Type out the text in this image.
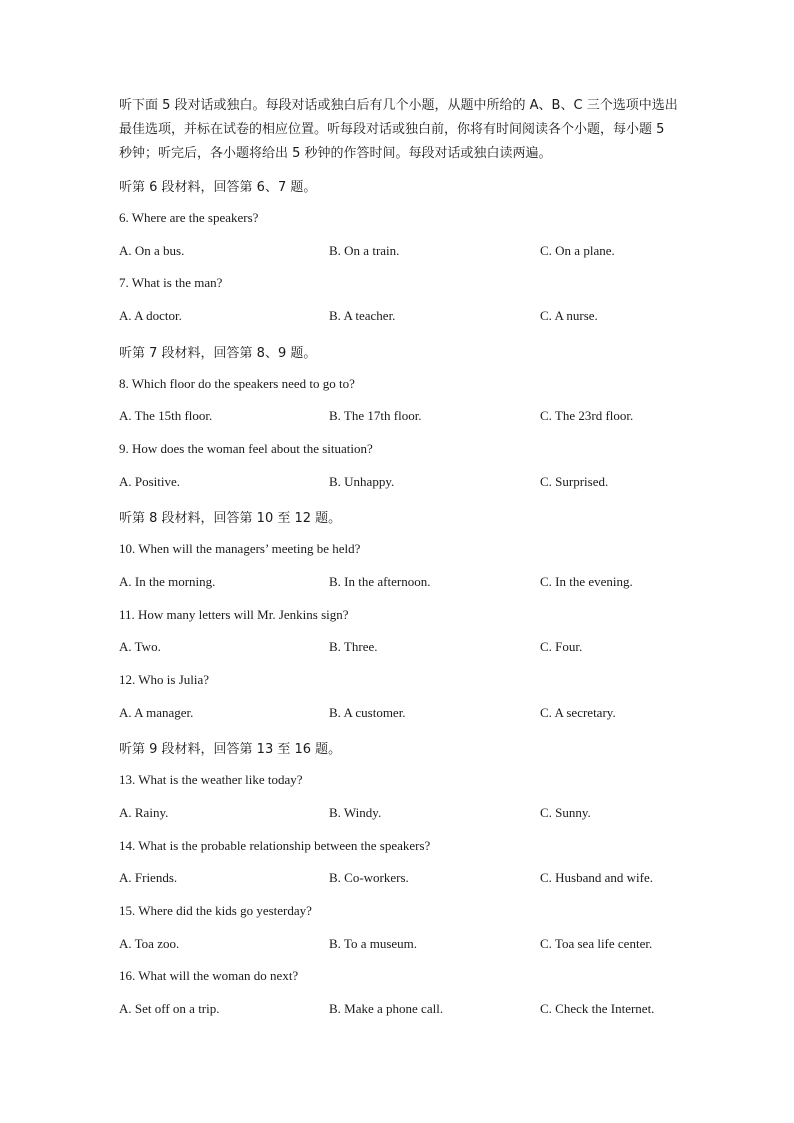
听下面 5 段对话或独白。每段对话或独白后有几个小题，从题中所给的 A、B、C 三个选项中选出最佳选项，并标在试卷的相应位置。听每段对话或独白前，你将有时间阅读各个小题，每小题 5 秒钟；听完后，各小题将给出 5 秒钟的作答时间。每段对话或独白读两遍。
听第 6 段材料，回答第 6、7 题。
6. Where are the speakers?
A. On a bus.	B. On a train.	C. On a plane.
7. What is the man?
A. A doctor.	B. A teacher.	C. A nurse.
听第 7 段材料，回答第 8、9 题。
8. Which floor do the speakers need to go to?
A. The 15th floor.	B. The 17th floor.	C. The 23rd floor.
9. How does the woman feel about the situation?
A. Positive.	B. Unhappy.	C. Surprised.
听第 8 段材料，回答第 10 至 12 题。
10. When will the managers’ meeting be held?
A. In the morning.	B. In the afternoon.	C. In the evening.
11. How many letters will Mr. Jenkins sign?
A. Two.	B. Three.	C. Four.
12. Who is Julia?
A. A manager.	B. A customer.	C. A secretary.
听第 9 段材料，回答第 13 至 16 题。
13. What is the weather like today?
A. Rainy.	B. Windy.	C. Sunny.
14. What is the probable relationship between the speakers?
A. Friends.	B. Co-workers.	C. Husband and wife.
15. Where did the kids go yesterday?
A. Toa zoo.	B. To a museum.	C. Toa sea life center.
16. What will the woman do next?
A. Set off on a trip.	B. Make a phone call.	C. Check the Internet.
